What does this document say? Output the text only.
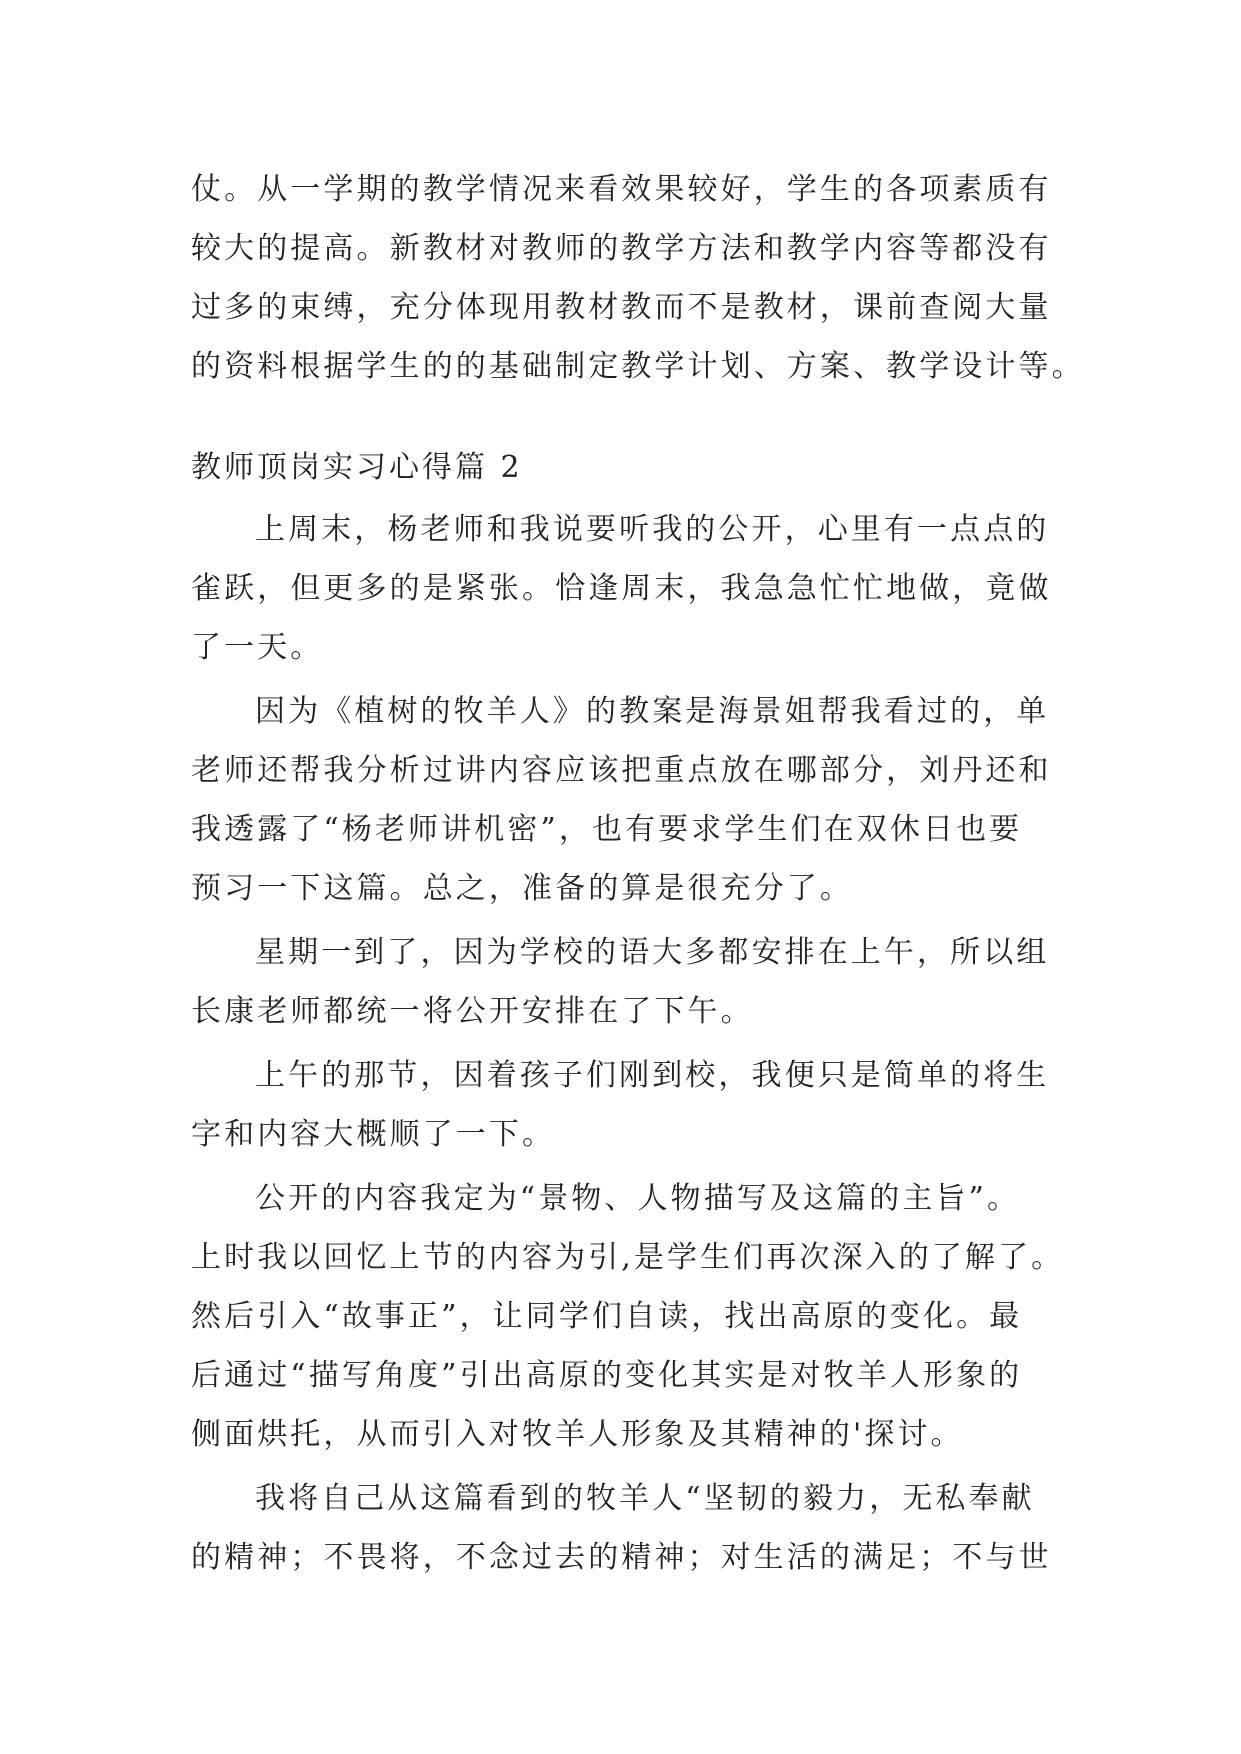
仗。从一学期的教学情况来看效果较好，学生的各项素质有
较大的提高。新教材对教师的教学方法和教学内容等都没有
过多的束缚，充分体现用教材教而不是教材，课前查阅大量
的资料根据学生的的基础制定教学计划、方案、教学设计等。
教师顶岗实习心得篇 2
上周末，杨老师和我说要听我的公开，心里有一点点的
雀跃，但更多的是紧张。恰逢周末，我急急忙忙地做，竟做
了一天。
因为《植树的牧羊人》的教案是海景姐帮我看过的，单
老师还帮我分析过讲内容应该把重点放在哪部分，刘丹还和
我透露了“杨老师讲机密”，也有要求学生们在双休日也要
预习一下这篇。总之，准备的算是很充分了。
星期一到了，因为学校的语大多都安排在上午，所以组
长康老师都统一将公开安排在了下午。
上午的那节，因着孩子们刚到校，我便只是简单的将生
字和内容大概顺了一下。
公开的内容我定为“景物、人物描写及这篇的主旨”。
上时我以回忆上节的内容为引,是学生们再次深入的了解了。
然后引入“故事正”，让同学们自读，找出高原的变化。最
后通过“描写角度”引出高原的变化其实是对牧羊人形象的
侧面烘托，从而引入对牧羊人形象及其精神的'探讨。
我将自己从这篇看到的牧羊人“坚韧的毅力，无私奉献
的精神；不畏将，不念过去的精神；对生活的满足；不与世
